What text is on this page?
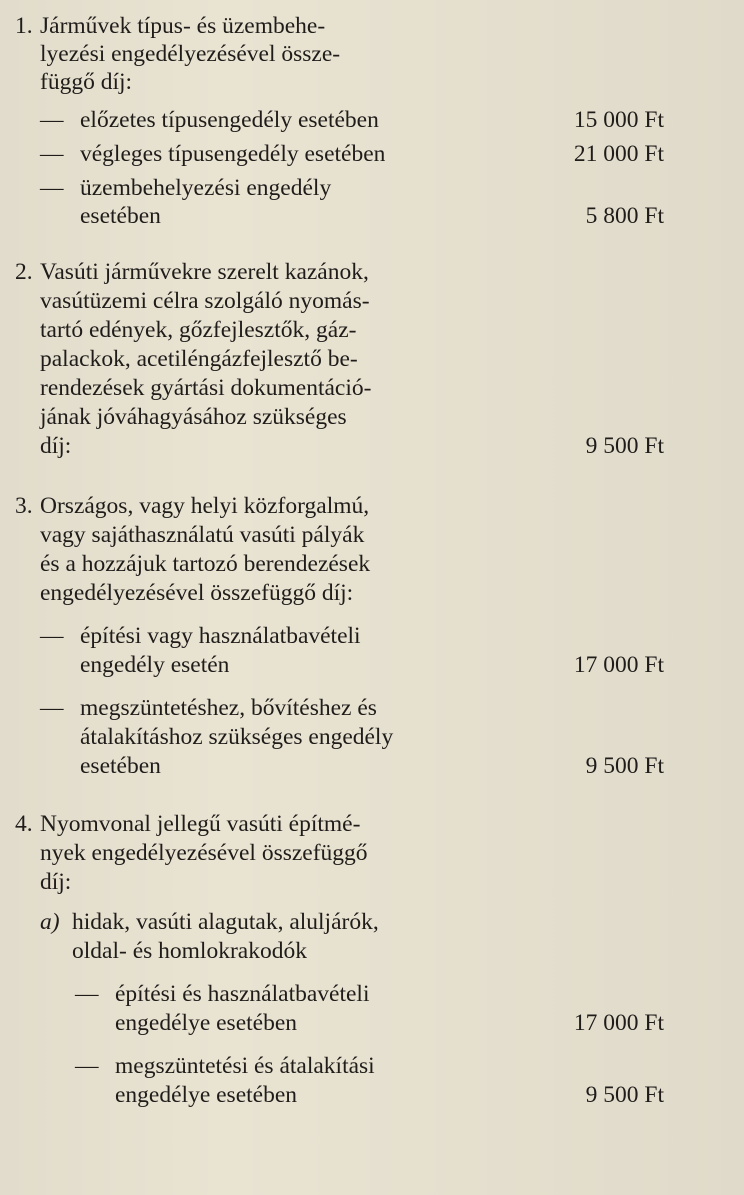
1. Járművek típus- és üzembehe-
lyezési engedélyezésével össze-
függő díj:
— előzetes típusengedély esetében	15 000 Ft
— végleges típusengedély esetében	21 000 Ft
— üzembehelyezési engedély
esetében	5 800 Ft
2. Vasúti járművekre szerelt kazánok,
vasútüzemi célra szolgáló nyomás-
tartó edények, gőzfejlesztők, gáz-
palackok, acetiléngázfejlesztő be-
rendezések gyártási dokumentáció-
jának jóváhagyásához szükséges
díj:	9 500 Ft
3. Országos, vagy helyi közforgalmú,
vagy sajáthasználatú vasúti pályák
és a hozzájuk tartozó berendezések
engedélyezésével összefüggő díj:
— építési vagy használatbavételi
engedély esetén	17 000 Ft
— megszüntetéshez, bővítéshez és
átalakításhoz szükséges engedély
esetében	9 500 Ft
4. Nyomvonal jellegű vasúti építmé-
nyek engedélyezésével összefüggő
díj:
a) hidak, vasúti alagutak, aluljárók,
oldal- és homlokrakodók
— építési és használatbavételi
engedélye esetében	17 000 Ft
— megszüntetési és átalakítási
engedélye esetében	9 500 Ft
